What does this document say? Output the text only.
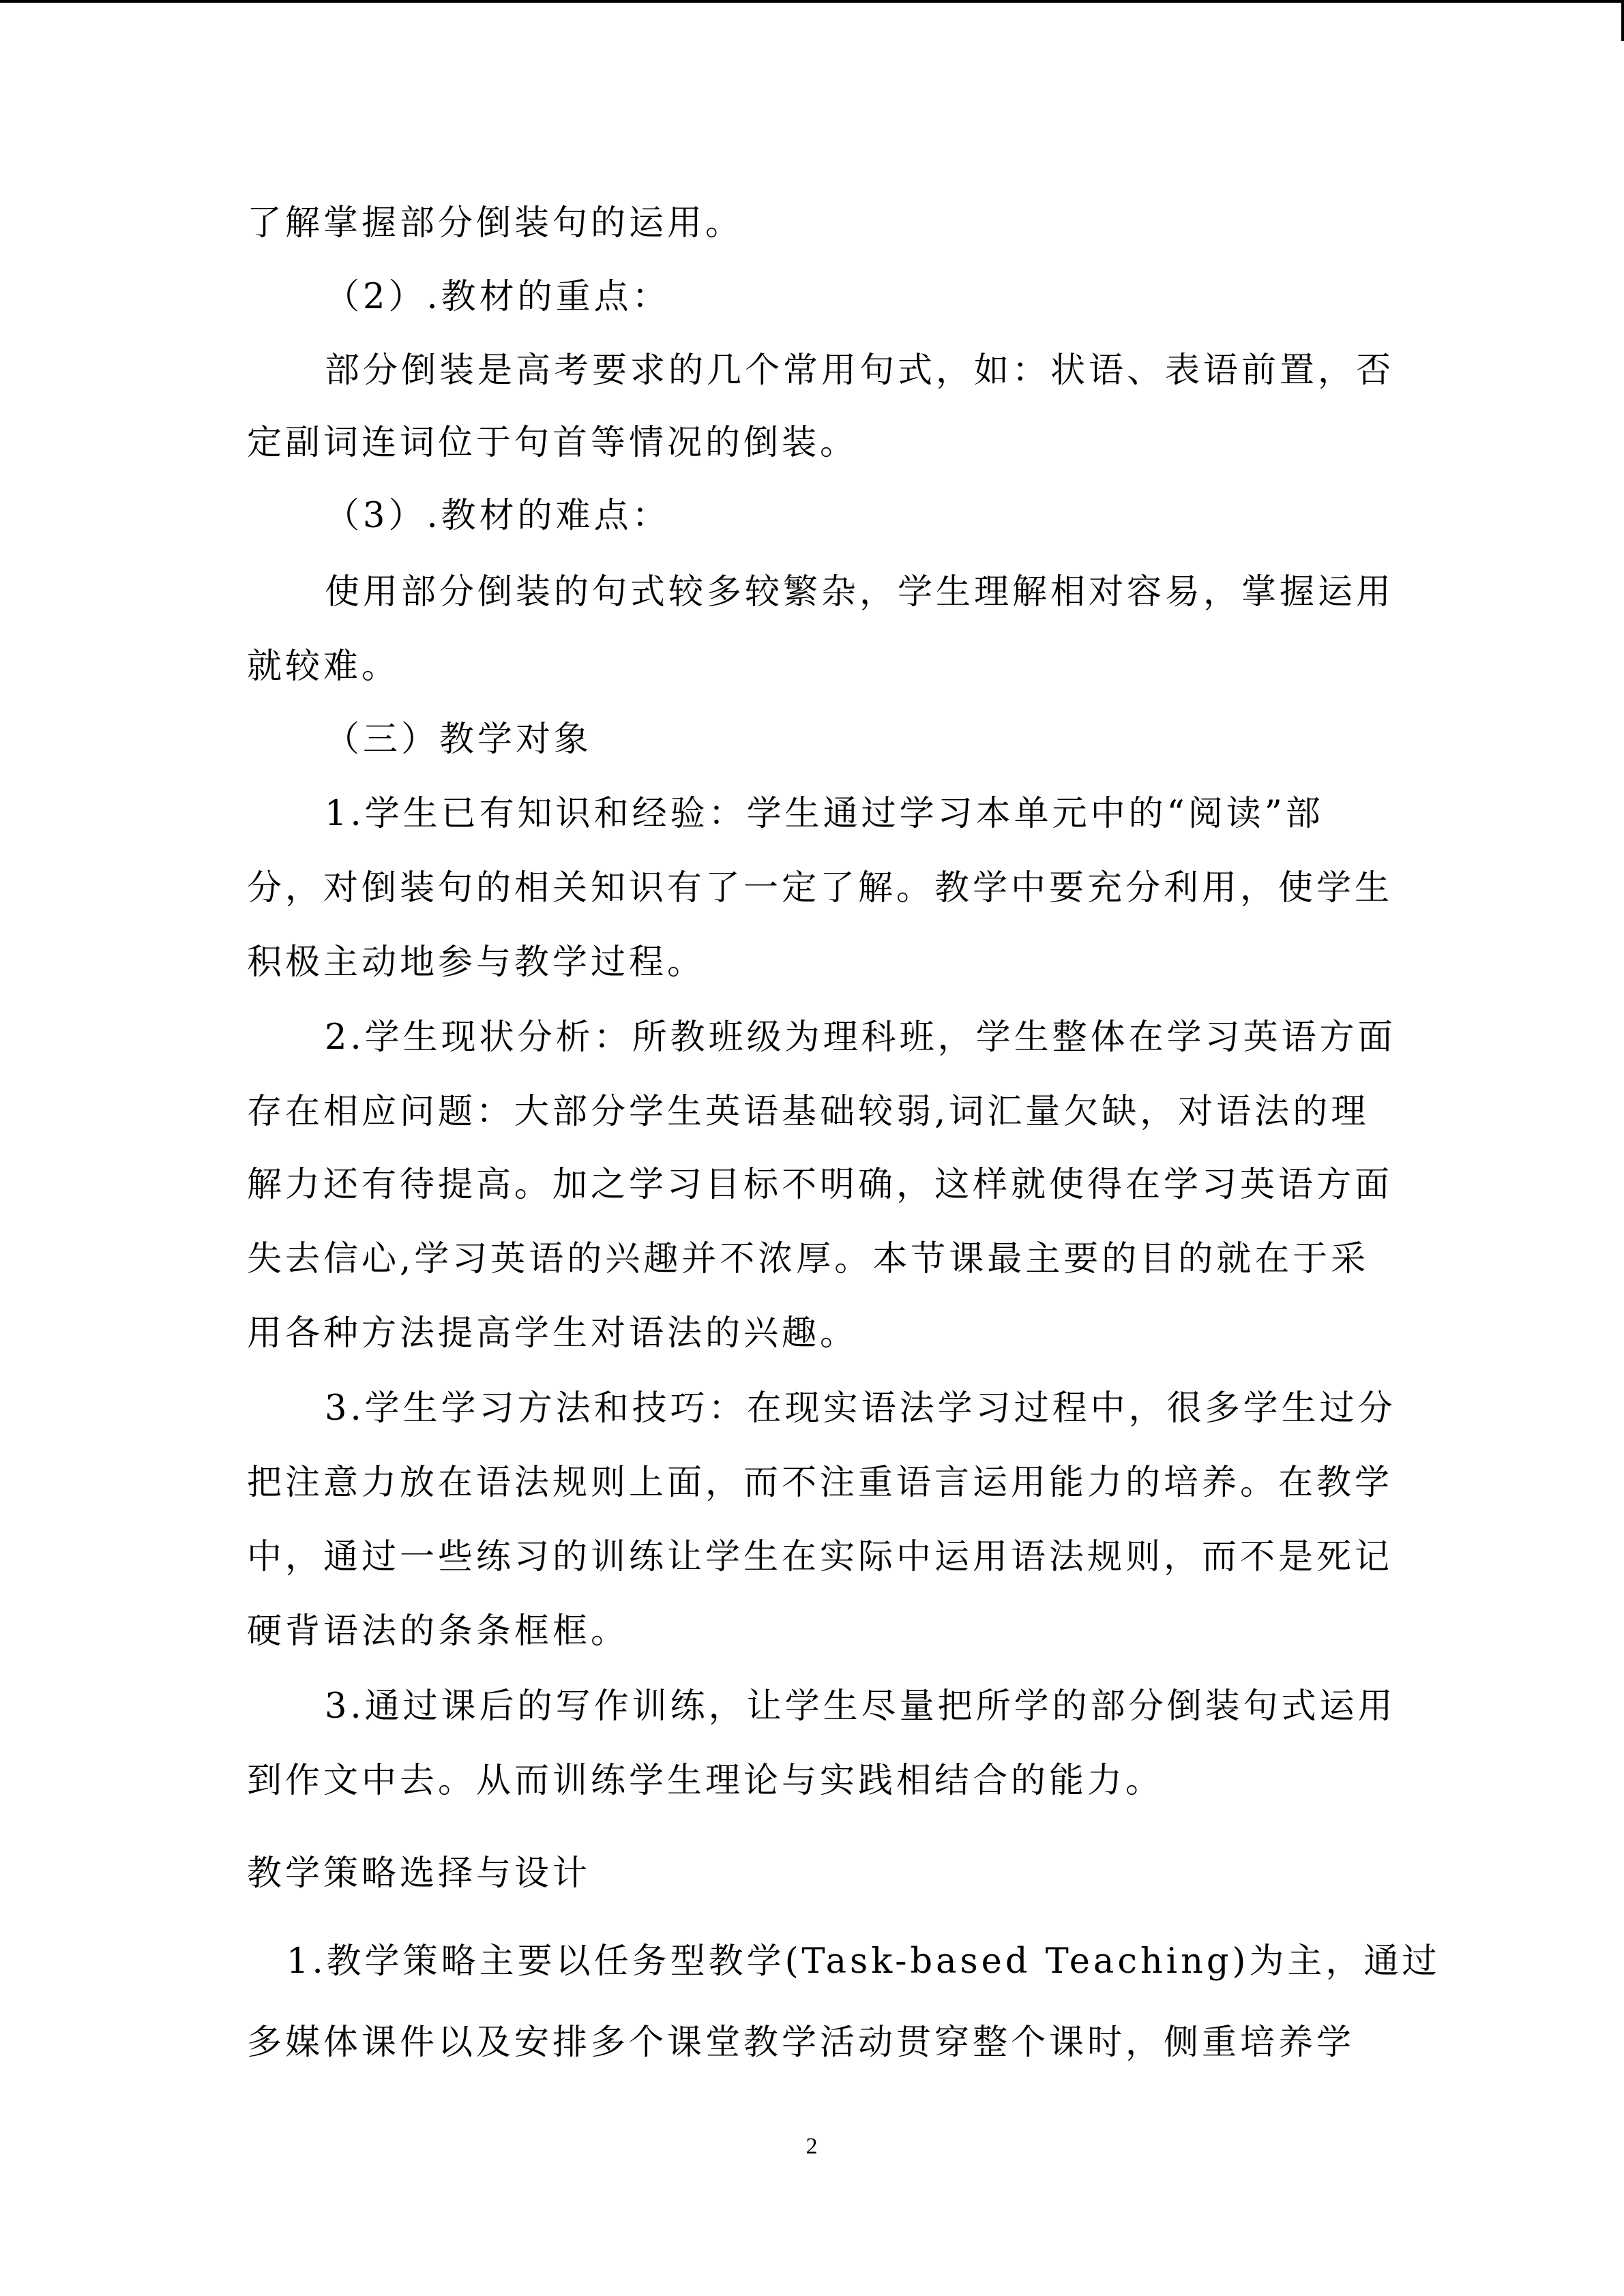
了解掌握部分倒装句的运用。
（2）.教材的重点：
部分倒装是高考要求的几个常用句式，如：状语、表语前置，否
定副词连词位于句首等情况的倒装。
（3）.教材的难点：
使用部分倒装的句式较多较繁杂，学生理解相对容易，掌握运用
就较难。
（三）教学对象
1.学生已有知识和经验：学生通过学习本单元中的“阅读”部
分，对倒装句的相关知识有了一定了解。教学中要充分利用，使学生
积极主动地参与教学过程。
2.学生现状分析：所教班级为理科班，学生整体在学习英语方面
存在相应问题：大部分学生英语基础较弱,词汇量欠缺，对语法的理
解力还有待提高。加之学习目标不明确，这样就使得在学习英语方面
失去信心,学习英语的兴趣并不浓厚。本节课最主要的目的就在于采
用各种方法提高学生对语法的兴趣。
3.学生学习方法和技巧：在现实语法学习过程中，很多学生过分
把注意力放在语法规则上面，而不注重语言运用能力的培养。在教学
中，通过一些练习的训练让学生在实际中运用语法规则，而不是死记
硬背语法的条条框框。
3.通过课后的写作训练，让学生尽量把所学的部分倒装句式运用
到作文中去。从而训练学生理论与实践相结合的能力。
教学策略选择与设计
1.教学策略主要以任务型教学(Task-based Teaching)为主，通过
多媒体课件以及安排多个课堂教学活动贯穿整个课时，侧重培养学
2
